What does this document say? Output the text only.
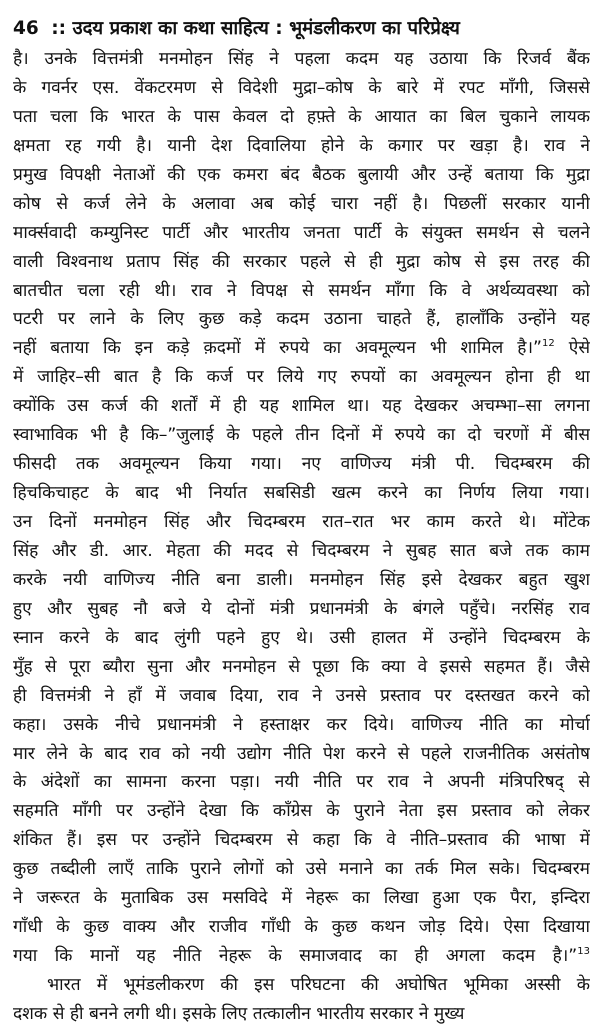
46 :: उदय प्रकाश का कथा साहित्य : भूमंडलीकरण का परिप्रेक्ष्य
है। उनके वित्तमंत्री मनमोहन सिंह ने पहला कदम यह उठाया कि रिजर्व बैंक
के गवर्नर एस. वेंकटरमण से विदेशी मुद्रा–कोष के बारे में रपट माँगी, जिससे
पता चला कि भारत के पास केवल दो हफ़्ते के आयात का बिल चुकाने लायक
क्षमता रह गयी है। यानी देश दिवालिया होने के कगार पर खड़ा है। राव ने
प्रमुख विपक्षी नेताओं की एक कमरा बंद बैठक बुलायी और उन्हें बताया कि मुद्रा
कोष से कर्ज लेने के अलावा अब कोई चारा नहीं है। पिछलीं सरकार यानी
मार्क्सवादी कम्युनिस्ट पार्टी और भारतीय जनता पार्टी के संयुक्त समर्थन से चलने
वाली विश्वनाथ प्रताप सिंह की सरकार पहले से ही मुद्रा कोष से इस तरह की
बातचीत चला रही थी। राव ने विपक्ष से समर्थन माँगा कि वे अर्थव्यवस्था को
पटरी पर लाने के लिए कुछ कड़े कदम उठाना चाहते हैं, हालाँकि उन्होंने यह
नहीं बताया कि इन कड़े क़दमों में रुपये का अवमूल्यन भी शामिल है।”$^{12}$ ऐसे
में जाहिर–सी बात है कि कर्ज पर लिये गए रुपयों का अवमूल्यन होना ही था
क्योंकि उस कर्ज की शर्तों में ही यह शामिल था। यह देखकर अचम्भा–सा लगना
स्वाभाविक भी है कि–”जुलाई के पहले तीन दिनों में रुपये का दो चरणों में बीस
फीसदी तक अवमूल्यन किया गया। नए वाणिज्य मंत्री पी. चिदम्बरम की
हिचकिचाहट के बाद भी निर्यात सबसिडी खत्म करने का निर्णय लिया गया।
उन दिनों मनमोहन सिंह और चिदम्बरम रात–रात भर काम करते थे। मोंटेक
सिंह और डी. आर. मेहता की मदद से चिदम्बरम ने सुबह सात बजे तक काम
करके नयी वाणिज्य नीति बना डाली। मनमोहन सिंह इसे देखकर बहुत खुश
हुए और सुबह नौ बजे ये दोनों मंत्री प्रधानमंत्री के बंगले पहुँचे। नरसिंह राव
स्नान करने के बाद लुंगी पहने हुए थे। उसी हालत में उन्होंने चिदम्बरम के
मुँह से पूरा ब्यौरा सुना और मनमोहन से पूछा कि क्या वे इससे सहमत हैं। जैसे
ही वित्तमंत्री ने हाँ में जवाब दिया, राव ने उनसे प्रस्ताव पर दस्तखत करने को
कहा। उसके नीचे प्रधानमंत्री ने हस्ताक्षर कर दिये। वाणिज्य नीति का मोर्चा
मार लेने के बाद राव को नयी उद्योग नीति पेश करने से पहले राजनीतिक असंतोष
के अंदेशों का सामना करना पड़ा। नयी नीति पर राव ने अपनी मंत्रिपरिषद् से
सहमति माँगी पर उन्होंने देखा कि काँग्रेस के पुराने नेता इस प्रस्ताव को लेकर
शंकित हैं। इस पर उन्होंने चिदम्बरम से कहा कि वे नीति–प्रस्ताव की भाषा में
कुछ तब्दीली लाएँ ताकि पुराने लोगों को उसे मनाने का तर्क मिल सके। चिदम्बरम
ने जरूरत के मुताबिक उस मसविदे में नेहरू का लिखा हुआ एक पैरा, इन्दिरा
गाँधी के कुछ वाक्य और राजीव गाँधी के कुछ कथन जोड़ दिये। ऐसा दिखाया
गया कि मानों यह नीति नेहरू के समाजवाद का ही अगला कदम है।”$^{13}$
भारत में भूमंडलीकरण की इस परिघटना की अघोषित भूमिका अस्सी के
दशक से ही बनने लगी थी। इसके लिए तत्कालीन भारतीय सरकार ने मुख्य
